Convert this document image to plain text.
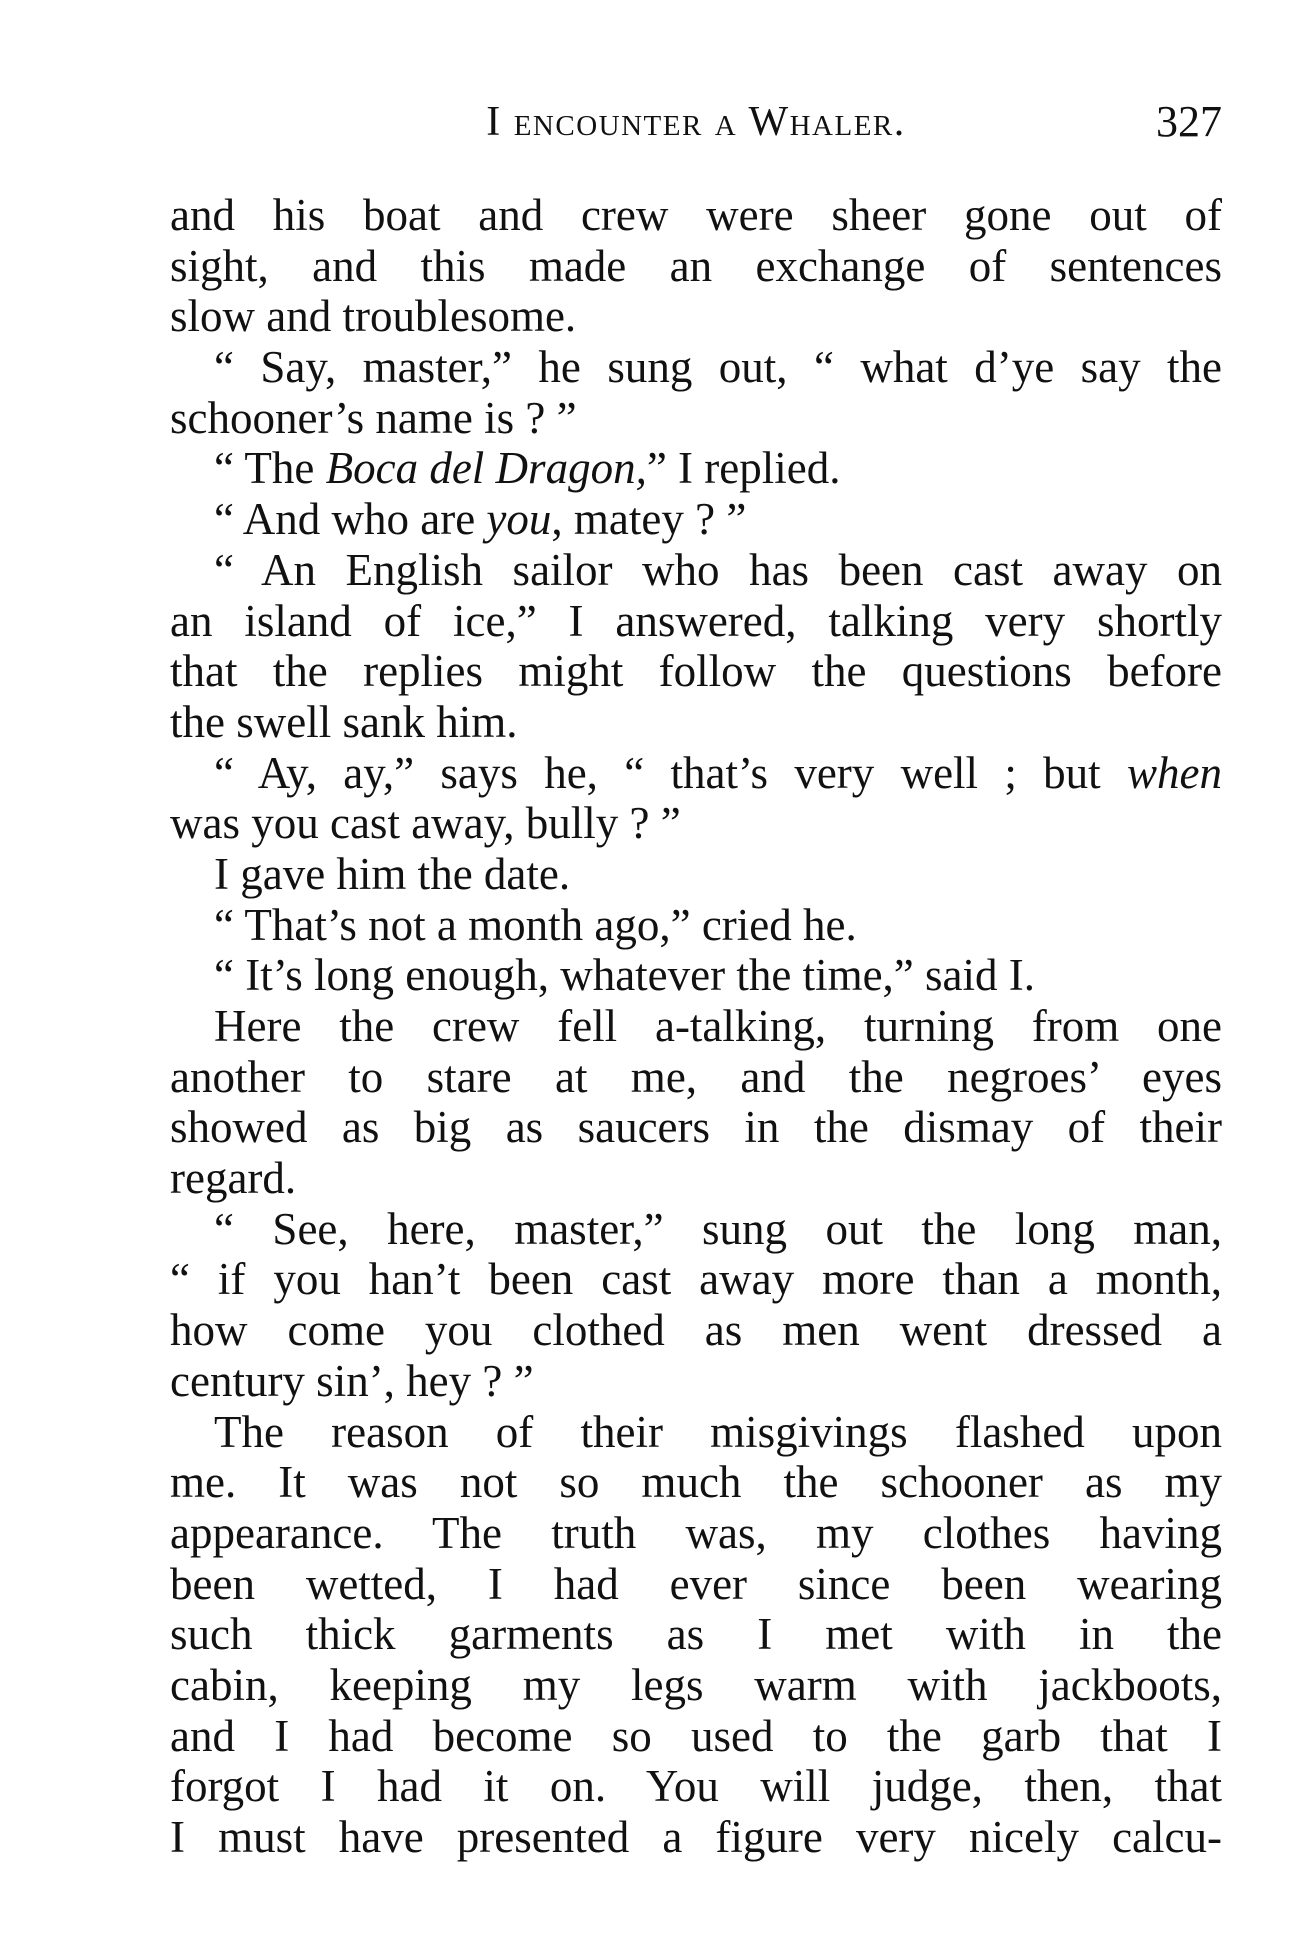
I encounter a Whaler.	327
and his boat and crew were sheer gone out of
sight, and this made an exchange of sentences
slow and troublesome.
“ Say, master,” he sung out, “ what d’ye say the
schooner’s name is ? ”
“ The Boca del Dragon,” I replied.
“ And who are you, matey ? ”
“ An English sailor who has been cast away on
an island of ice,” I answered, talking very shortly
that the replies might follow the questions before
the swell sank him.
“ Ay, ay,” says he, “ that’s very well ; but when
was you cast away, bully ? ”
I gave him the date.
“ That’s not a month ago,” cried he.
“ It’s long enough, whatever the time,” said I.
Here the crew fell a-talking, turning from one
another to stare at me, and the negroes’ eyes
showed as big as saucers in the dismay of their
regard.
“ See, here, master,” sung out the long man,
“ if you han’t been cast away more than a month,
how come you clothed as men went dressed a
century sin’, hey ? ”
The reason of their misgivings flashed upon
me. It was not so much the schooner as my
appearance. The truth was, my clothes having
been wetted, I had ever since been wearing
such thick garments as I met with in the
cabin, keeping my legs warm with jackboots,
and I had become so used to the garb that I
forgot I had it on. You will judge, then, that
I must have presented a figure very nicely calcu-
